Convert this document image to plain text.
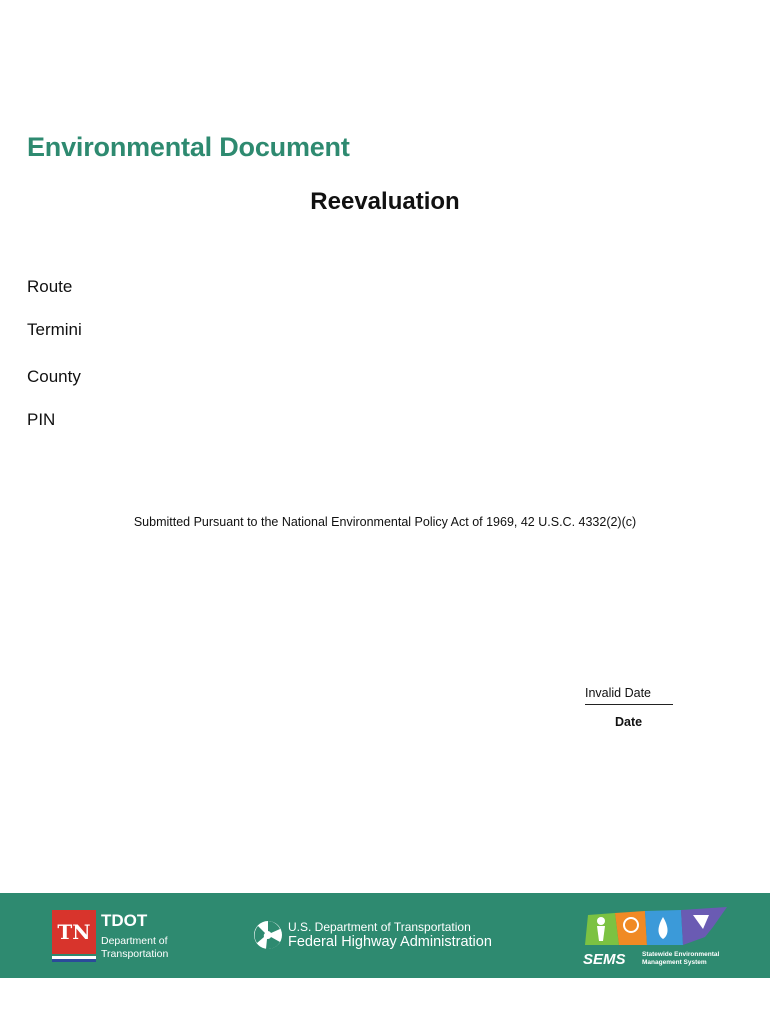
Environmental Document
Reevaluation
Route
Termini
County
PIN
Submitted Pursuant to the National Environmental Policy Act of 1969, 42 U.S.C. 4332(2)(c)
Invalid Date
Date
TN TDOT
Department of
Transportation
U.S. Department of Transportation
Federal Highway Administration
SEMS	Statewide Environmental
Management System
